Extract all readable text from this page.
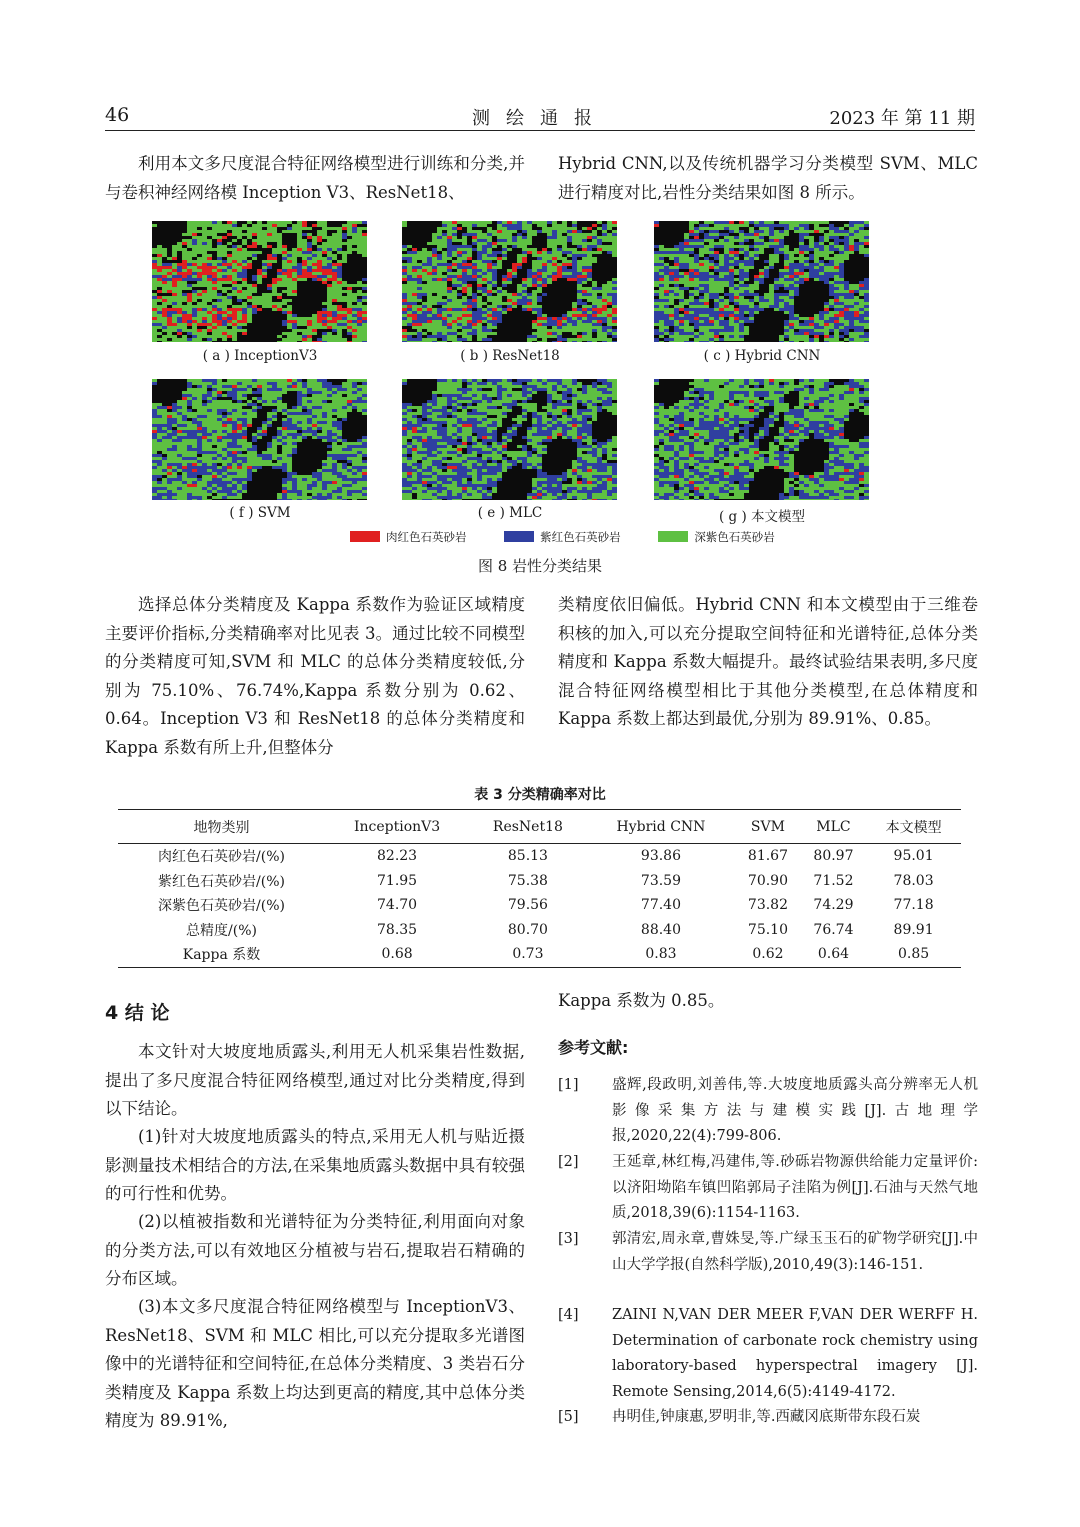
46	测绘通报	2023 年 第 11 期

利用本文多尺度混合特征网络模型进行训练和分类,并与卷积神经网络模 Inception V3、ResNet18、

Hybrid CNN,以及传统机器学习分类模型 SVM、MLC 进行精度对比,岩性分类结果如图 8 所示。

( a ) InceptionV3	( b ) ResNet18	( c ) Hybrid CNN
( f ) SVM	( e ) MLC	( g ) 本文模型
肉红色石英砂岩	紫红色石英砂岩	深紫色石英砂岩
图 8 岩性分类结果

选择总体分类精度及 Kappa 系数作为验证区域精度主要评价指标,分类精确率对比见表 3。通过比较不同模型的分类精度可知,SVM 和 MLC 的总体分类精度较低,分别为 75.10%、76.74%,Kappa 系数分别为 0.62、0.64。Inception V3 和 ResNet18 的总体分类精度和 Kappa 系数有所上升,但整体分

类精度依旧偏低。Hybrid CNN 和本文模型由于三维卷积核的加入,可以充分提取空间特征和光谱特征,总体分类精度和 Kappa 系数大幅提升。最终试验结果表明,多尺度混合特征网络模型相比于其他分类模型,在总体精度和 Kappa 系数上都达到最优,分别为 89.91%、0.85。

表 3 分类精确率对比
地物类别	InceptionV3	ResNet18	Hybrid CNN	SVM	MLC	本文模型
肉红色石英砂岩/(%)	82.23	85.13	93.86	81.67	80.97	95.01
紫红色石英砂岩/(%)	71.95	75.38	73.59	70.90	71.52	78.03
深紫色石英砂岩/(%)	74.70	79.56	77.40	73.82	74.29	77.18
总精度/(%)	78.35	80.70	88.40	75.10	76.74	89.91
Kappa 系数	0.68	0.73	0.83	0.62	0.64	0.85
4 结 论

本文针对大坡度地质露头,利用无人机采集岩性数据,提出了多尺度混合特征网络模型,通过对比分类精度,得到以下结论。

(1)针对大坡度地质露头的特点,采用无人机与贴近摄影测量技术相结合的方法,在采集地质露头数据中具有较强的可行性和优势。

(2)以植被指数和光谱特征为分类特征,利用面向对象的分类方法,可以有效地区分植被与岩石,提取岩石精确的分布区域。

(3)本文多尺度混合特征网络模型与 InceptionV3、ResNet18、SVM 和 MLC 相比,可以充分提取多光谱图像中的光谱特征和空间特征,在总体分类精度、3 类岩石分类精度及 Kappa 系数上均达到更高的精度,其中总体分类精度为 89.91%,

Kappa 系数为 0.85。

参考文献:
[1] 盛辉,段政明,刘善伟,等.大坡度地质露头高分辨率无人机影像采集方法与建模实践[J].古地理学报,2020,22(4):799-806.
[2] 王延章,林红梅,冯建伟,等.砂砾岩物源供给能力定量评价:以济阳坳陷车镇凹陷郭局子洼陷为例[J].石油与天然气地质,2018,39(6):1154-1163.
[3] 郭清宏,周永章,曹姝旻,等.广绿玉玉石的矿物学研究[J].中山大学学报(自然科学版),2010,49(3):146-151.
[4] ZAINI N,VAN DER MEER F,VAN DER WERFF H. Determination of carbonate rock chemistry using laboratory-based hyperspectral imagery [J]. Remote Sensing,2014,6(5):4149-4172.
[5] 冉明佳,钟康惠,罗明非,等.西藏冈底斯带东段石炭
